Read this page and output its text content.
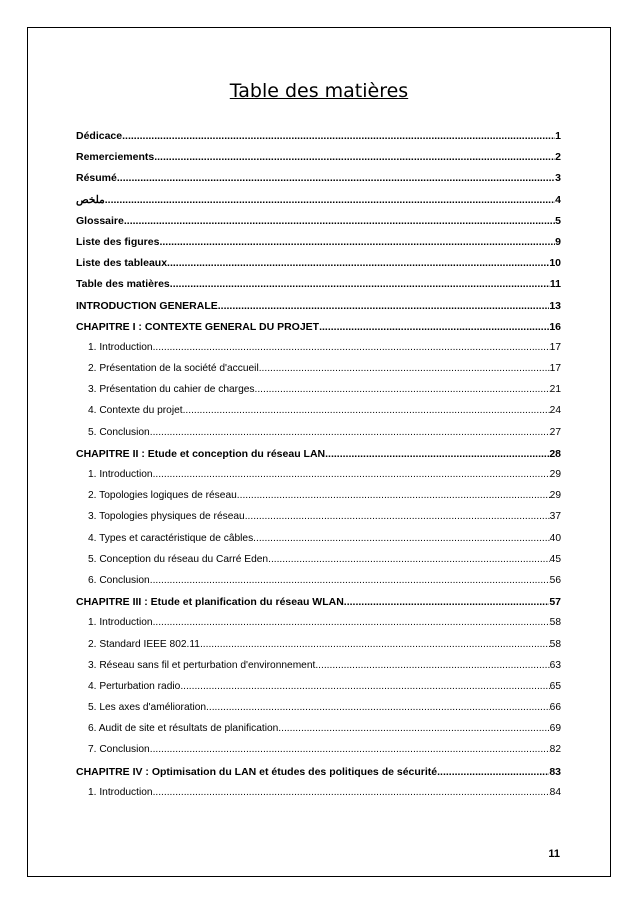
Table des matières
Dédicace .....	1
Remerciements .....	2
Résumé .....	3
ملخص .....	4
Glossaire .....	5
Liste des figures .....	9
Liste des tableaux .....	10
Table des matières .....	11
INTRODUCTION GENERALE .....	13
CHAPITRE I : CONTEXTE GENERAL DU PROJET .....	16
1. Introduction .....	17
2. Présentation de la société d'accueil .....	17
3. Présentation du cahier de charges .....	21
4. Contexte du projet .....	24
5. Conclusion .....	27
CHAPITRE II : Etude et conception du réseau LAN .....	28
1. Introduction .....	29
2. Topologies logiques de réseau .....	29
3. Topologies physiques de réseau .....	37
4. Types et caractéristique de câbles .....	40
5. Conception du réseau du Carré Eden .....	45
6. Conclusion .....	56
CHAPITRE III : Etude et planification du réseau WLAN .....	57
1. Introduction .....	58
2. Standard IEEE 802.11 .....	58
3. Réseau sans fil et perturbation d'environnement .....	63
4. Perturbation radio .....	65
5. Les axes d'amélioration .....	66
6. Audit de site et résultats de planification .....	69
7. Conclusion .....	82
CHAPITRE IV : Optimisation du LAN et études des politiques de sécurité .....	83
1. Introduction .....	84
11
